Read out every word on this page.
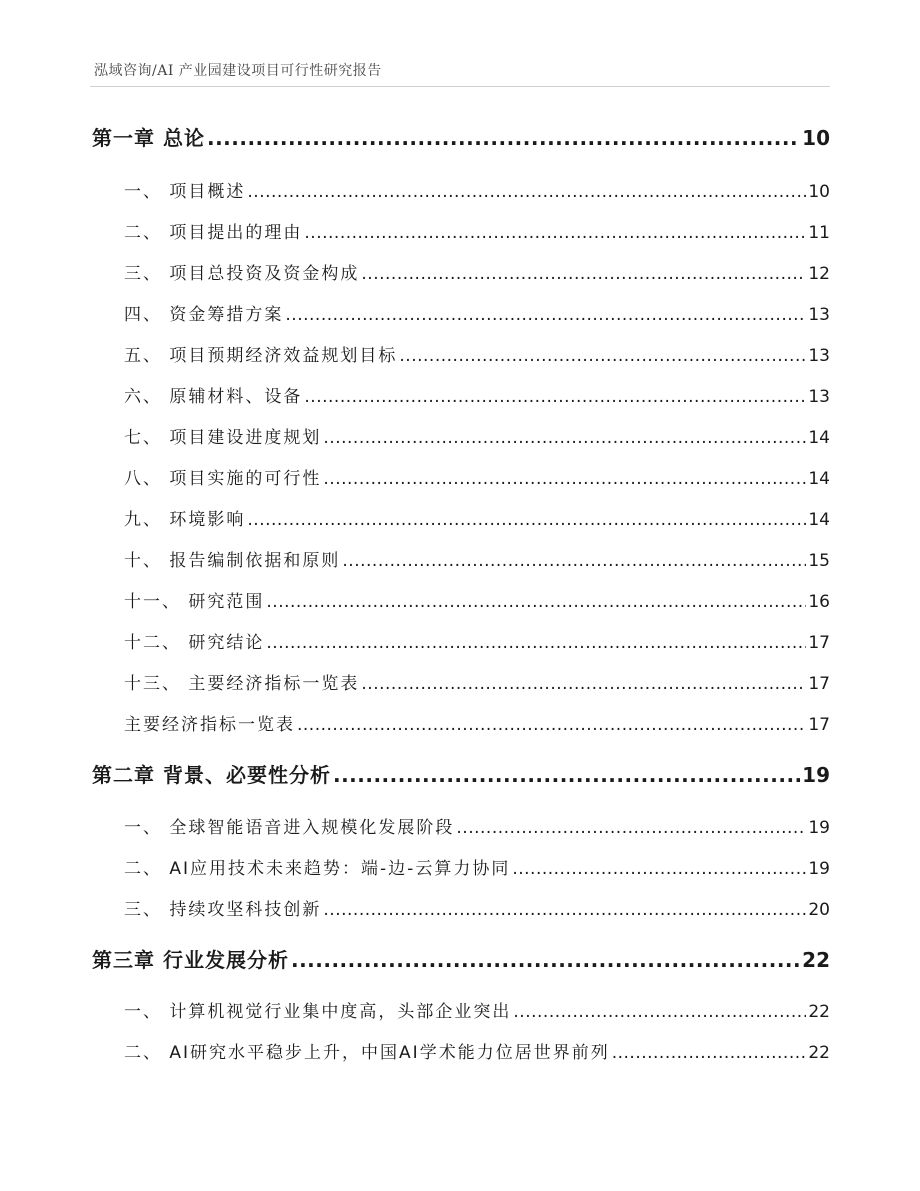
泓域咨询/AI 产业园建设项目可行性研究报告
第一章 总论 .....	10
一、 项目概述 .....	10
二、 项目提出的理由 .....	11
三、 项目总投资及资金构成 .....	12
四、 资金筹措方案 .....	13
五、 项目预期经济效益规划目标 .....	13
六、 原辅材料、设备 .....	13
七、 项目建设进度规划 .....	14
八、 项目实施的可行性 .....	14
九、 环境影响 .....	14
十、 报告编制依据和原则 .....	15
十一、 研究范围 .....	16
十二、 研究结论 .....	17
十三、 主要经济指标一览表 .....	17
主要经济指标一览表 .....	17
第二章 背景、必要性分析 .....	19
一、 全球智能语音进入规模化发展阶段 .....	19
二、 AI应用技术未来趋势：端-边-云算力协同 .....	19
三、 持续攻坚科技创新 .....	20
第三章 行业发展分析 .....	22
一、 计算机视觉行业集中度高，头部企业突出 .....	22
二、 AI研究水平稳步上升，中国AI学术能力位居世界前列 .....	22
